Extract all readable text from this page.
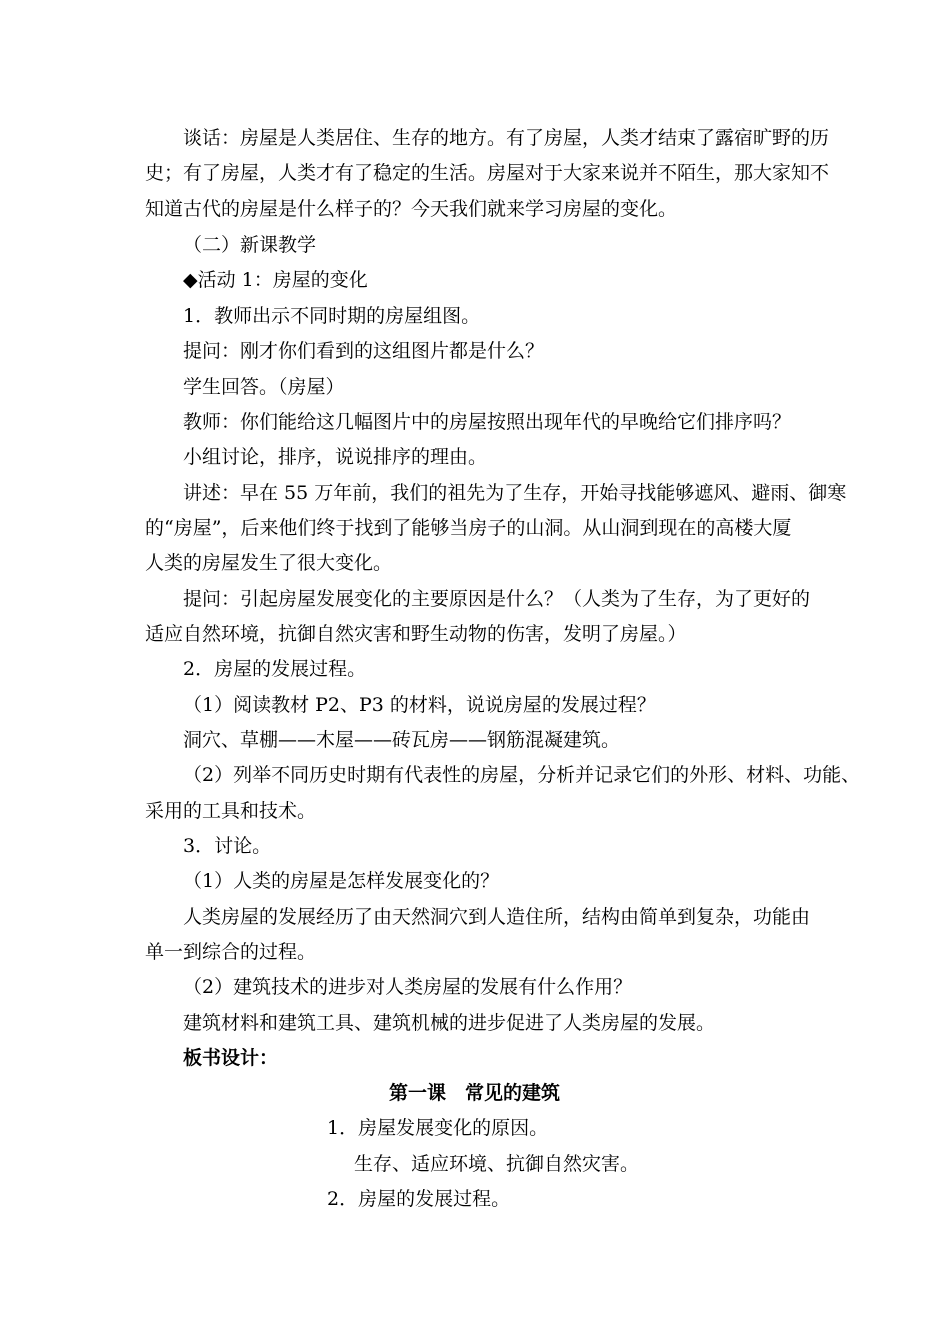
谈话：房屋是人类居住、生存的地方。有了房屋，人类才结束了露宿旷野的历
史；有了房屋，人类才有了稳定的生活。房屋对于大家来说并不陌生，那大家知不
知道古代的房屋是什么样子的？今天我们就来学习房屋的变化。
（二）新课教学
◆活动 1：房屋的变化
1．教师出示不同时期的房屋组图。
提问：刚才你们看到的这组图片都是什么？
学生回答。（房屋）
教师：你们能给这几幅图片中的房屋按照出现年代的早晚给它们排序吗？
小组讨论，排序，说说排序的理由。
讲述：早在 55 万年前，我们的祖先为了生存，开始寻找能够遮风、避雨、御寒
的“房屋”，后来他们终于找到了能够当房子的山洞。从山洞到现在的高楼大厦
人类的房屋发生了很大变化。
提问：引起房屋发展变化的主要原因是什么？（人类为了生存，为了更好的
适应自然环境，抗御自然灾害和野生动物的伤害，发明了房屋。）
2．房屋的发展过程。
（1）阅读教材 P2、P3 的材料，说说房屋的发展过程？
洞穴、草棚——木屋——砖瓦房——钢筋混凝建筑。
（2）列举不同历史时期有代表性的房屋，分析并记录它们的外形、材料、功能、
采用的工具和技术。
3．讨论。
（1）人类的房屋是怎样发展变化的？
人类房屋的发展经历了由天然洞穴到人造住所，结构由简单到复杂，功能由
单一到综合的过程。
（2）建筑技术的进步对人类房屋的发展有什么作用？
建筑材料和建筑工具、建筑机械的进步促进了人类房屋的发展。
板书设计：
第一课　常见的建筑
1．房屋发展变化的原因。
生存、适应环境、抗御自然灾害。
2．房屋的发展过程。
